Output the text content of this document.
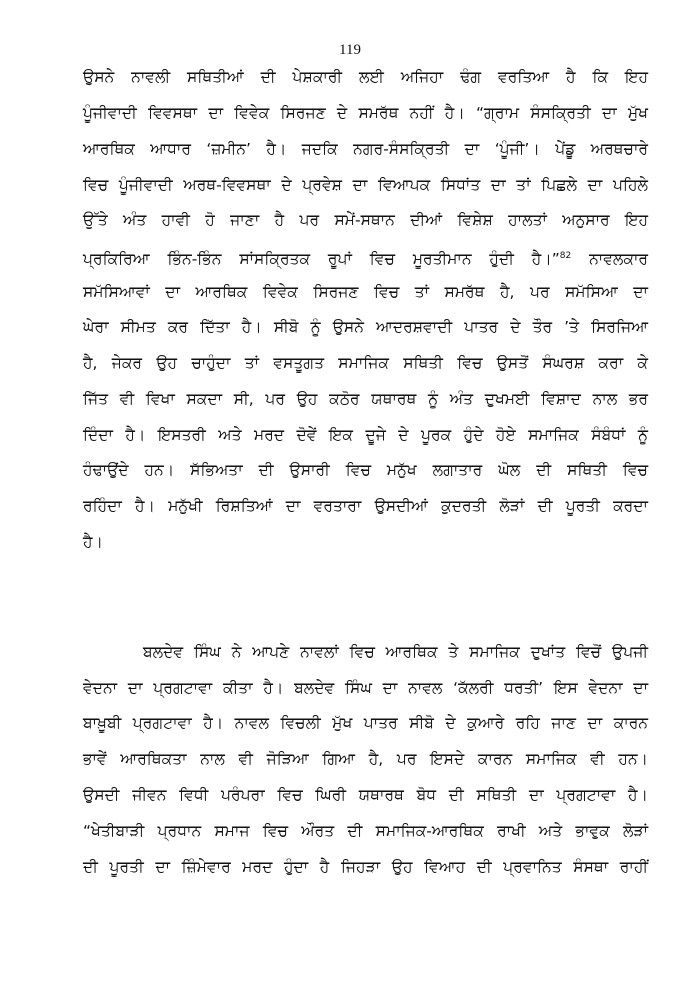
119
ਉਸਨੇ ਨਾਵਲੀ ਸਥਿਤੀਆਂ ਦੀ ਪੇਸ਼ਕਾਰੀ ਲਈ ਅਜਿਹਾ ਢੰਗ ਵਰਤਿਆ ਹੈ ਕਿ ਇਹ
ਪੂੰਜੀਵਾਦੀ ਵਿਵਸਥਾ ਦਾ ਵਿਵੇਕ ਸਿਰਜਣ ਦੇ ਸਮਰੱਥ ਨਹੀਂ ਹੈ। “ਗ੍ਰਾਮ ਸੰਸਕ੍ਰਿਤੀ ਦਾ ਮੁੱਖ
ਆਰਥਿਕ ਆਧਾਰ ‘ਜ਼ਮੀਨ’ ਹੈ। ਜਦਕਿ ਨਗਰ-ਸੰਸਕ੍ਰਿਤੀ ਦਾ ‘ਪੂੰਜੀ’। ਪੇਂਡੂ ਅਰਥਚਾਰੇ
ਵਿਚ ਪੂੰਜੀਵਾਦੀ ਅਰਥ-ਵਿਵਸਥਾ ਦੇ ਪ੍ਰਵੇਸ਼ ਦਾ ਵਿਆਪਕ ਸਿਧਾਂਤ ਦਾ ਤਾਂ ਪਿਛਲੇ ਦਾ ਪਹਿਲੇ
ਉੱਤੇ ਅੰਤ ਹਾਵੀ ਹੋ ਜਾਣਾ ਹੈ ਪਰ ਸਮੇਂ-ਸਥਾਨ ਦੀਆਂ ਵਿਸ਼ੇਸ਼ ਹਾਲਤਾਂ ਅਨੁਸਾਰ ਇਹ
ਪ੍ਰਕਿਰਿਆ ਭਿੰਨ-ਭਿੰਨ ਸਾਂਸਕ੍ਰਿਤਕ ਰੂਪਾਂ ਵਿਚ ਮੂਰਤੀਮਾਨ ਹੁੰਦੀ ਹੈ।”$^{82}$ ਨਾਵਲਕਾਰ
ਸਮੱਸਿਆਵਾਂ ਦਾ ਆਰਥਿਕ ਵਿਵੇਕ ਸਿਰਜਣ ਵਿਚ ਤਾਂ ਸਮਰੱਥ ਹੈ, ਪਰ ਸਮੱਸਿਆ ਦਾ
ਘੇਰਾ ਸੀਮਤ ਕਰ ਦਿੱਤਾ ਹੈ। ਸੀਬੋ ਨੂੰ ਉਸਨੇ ਆਦਰਸ਼ਵਾਦੀ ਪਾਤਰ ਦੇ ਤੌਰ ’ਤੇ ਸਿਰਜਿਆ
ਹੈ, ਜੇਕਰ ਉਹ ਚਾਹੁੰਦਾ ਤਾਂ ਵਸਤੂਗਤ ਸਮਾਜਿਕ ਸਥਿਤੀ ਵਿਚ ਉਸਤੋਂ ਸੰਘਰਸ਼ ਕਰਾ ਕੇ
ਜਿੱਤ ਵੀ ਵਿਖਾ ਸਕਦਾ ਸੀ, ਪਰ ਉਹ ਕਠੋਰ ਯਥਾਰਥ ਨੂੰ ਅੰਤ ਦੁਖਮਈ ਵਿਸ਼ਾਦ ਨਾਲ ਭਰ
ਦਿੰਦਾ ਹੈ। ਇਸਤਰੀ ਅਤੇ ਮਰਦ ਦੋਵੇਂ ਇਕ ਦੂਜੇ ਦੇ ਪੂਰਕ ਹੁੰਦੇ ਹੋਏ ਸਮਾਜਿਕ ਸੰਬੰਧਾਂ ਨੂੰ
ਹੰਢਾਉਂਦੇ ਹਨ। ਸੱਭਿਅਤਾ ਦੀ ਉਸਾਰੀ ਵਿਚ ਮਨੁੱਖ ਲਗਾਤਾਰ ਘੋਲ ਦੀ ਸਥਿਤੀ ਵਿਚ
ਰਹਿੰਦਾ ਹੈ। ਮਨੁੱਖੀ ਰਿਸ਼ਤਿਆਂ ਦਾ ਵਰਤਾਰਾ ਉਸਦੀਆਂ ਕੁਦਰਤੀ ਲੋੜਾਂ ਦੀ ਪੂਰਤੀ ਕਰਦਾ
ਹੈ।
ਬਲਦੇਵ ਸਿੰਘ ਨੇ ਆਪਣੇ ਨਾਵਲਾਂ ਵਿਚ ਆਰਥਿਕ ਤੇ ਸਮਾਜਿਕ ਦੁਖਾਂਤ ਵਿਚੋਂ ਉਪਜੀ
ਵੇਦਨਾ ਦਾ ਪ੍ਰਗਟਾਵਾ ਕੀਤਾ ਹੈ। ਬਲਦੇਵ ਸਿੰਘ ਦਾ ਨਾਵਲ ‘ਕੱਲਰੀ ਧਰਤੀ’ ਇਸ ਵੇਦਨਾ ਦਾ
ਬਾਖ਼ੂਬੀ ਪ੍ਰਗਟਾਵਾ ਹੈ। ਨਾਵਲ ਵਿਚਲੀ ਮੁੱਖ ਪਾਤਰ ਸੀਬੋ ਦੇ ਕੁਆਰੇ ਰਹਿ ਜਾਣ ਦਾ ਕਾਰਨ
ਭਾਵੇਂ ਆਰਥਿਕਤਾ ਨਾਲ ਵੀ ਜੋੜਿਆ ਗਿਆ ਹੈ, ਪਰ ਇਸਦੇ ਕਾਰਨ ਸਮਾਜਿਕ ਵੀ ਹਨ।
ਉਸਦੀ ਜੀਵਨ ਵਿਧੀ ਪਰੰਪਰਾ ਵਿਚ ਘਿਰੀ ਯਥਾਰਥ ਬੋਧ ਦੀ ਸਥਿਤੀ ਦਾ ਪ੍ਰਗਟਾਵਾ ਹੈ।
“ਖੇਤੀਬਾੜੀ ਪ੍ਰਧਾਨ ਸਮਾਜ ਵਿਚ ਔਰਤ ਦੀ ਸਮਾਜਿਕ-ਆਰਥਿਕ ਰਾਖੀ ਅਤੇ ਭਾਵੁਕ ਲੋੜਾਂ
ਦੀ ਪੂਰਤੀ ਦਾ ਜ਼ਿੰਮੇਵਾਰ ਮਰਦ ਹੁੰਦਾ ਹੈ ਜਿਹੜਾ ਉਹ ਵਿਆਹ ਦੀ ਪ੍ਰਵਾਨਿਤ ਸੰਸਥਾ ਰਾਹੀਂ
